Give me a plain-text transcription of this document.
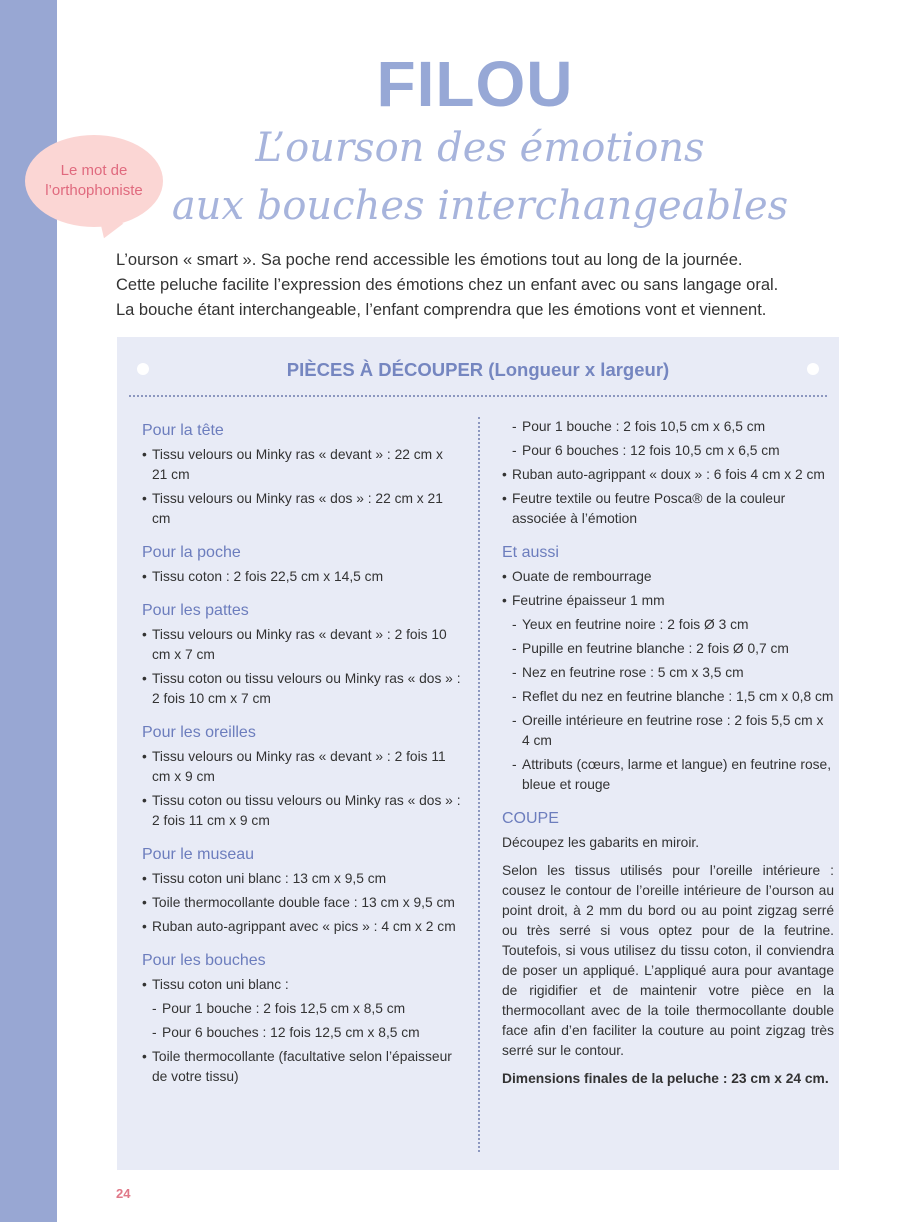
FILOU
L’ourson des émotions
aux bouches interchangeables
Le mot de
l’orthophoniste

L’ourson « smart ». Sa poche rend accessible les émotions tout au long de la journée.

Cette peluche facilite l’expression des émotions chez un enfant avec ou sans langage oral.

La bouche étant interchangeable, l’enfant comprendra que les émotions vont et viennent.

PIÈCES À DÉCOUPER (Longueur x largeur)
Pour la tête
• Tissu velours ou Minky ras « devant » : 22 cm x 21 cm
• Tissu velours ou Minky ras « dos » : 22 cm x 21 cm
Pour la poche
• Tissu coton : 2 fois 22,5 cm x 14,5 cm
Pour les pattes
• Tissu velours ou Minky ras « devant » : 2 fois 10 cm x 7 cm
• Tissu coton ou tissu velours ou Minky ras « dos » : 2 fois 10 cm x 7 cm
Pour les oreilles
• Tissu velours ou Minky ras « devant » : 2 fois 11 cm x 9 cm
• Tissu coton ou tissu velours ou Minky ras « dos » : 2 fois 11 cm x 9 cm
Pour le museau
• Tissu coton uni blanc : 13 cm x 9,5 cm
• Toile thermocollante double face : 13 cm x 9,5 cm
• Ruban auto-agrippant avec « pics » : 4 cm x 2 cm
Pour les bouches
• Tissu coton uni blanc :
- Pour 1 bouche : 2 fois 12,5 cm x 8,5 cm
- Pour 6 bouches : 12 fois 12,5 cm x 8,5 cm
• Toile thermocollante (facultative selon l’épaisseur de votre tissu)
- Pour 1 bouche : 2 fois 10,5 cm x 6,5 cm
- Pour 6 bouches : 12 fois 10,5 cm x 6,5 cm
• Ruban auto-agrippant « doux » : 6 fois 4 cm x 2 cm
• Feutre textile ou feutre Posca® de la couleur associée à l’émotion
Et aussi
• Ouate de rembourrage
• Feutrine épaisseur 1 mm
- Yeux en feutrine noire : 2 fois Ø 3 cm
- Pupille en feutrine blanche : 2 fois Ø 0,7 cm
- Nez en feutrine rose : 5 cm x 3,5 cm
- Reflet du nez en feutrine blanche : 1,5 cm x 0,8 cm
- Oreille intérieure en feutrine rose : 2 fois 5,5 cm x 4 cm
- Attributs (cœurs, larme et langue) en feutrine rose, bleue et rouge
COUPE
Découpez les gabarits en miroir.
Selon les tissus utilisés pour l’oreille intérieure : cousez le contour de l’oreille intérieure de l’ourson au point droit, à 2 mm du bord ou au point zigzag serré ou très serré si vous optez pour de la feutrine. Toutefois, si vous utilisez du tissu coton, il conviendra de poser un appliqué. L’appliqué aura pour avantage de rigidifier et de maintenir votre pièce en la thermocollant avec de la toile thermocollante double face afin d’en faciliter la couture au point zigzag très serré sur le contour.
Dimensions finales de la peluche : 23 cm x 24 cm.
24
